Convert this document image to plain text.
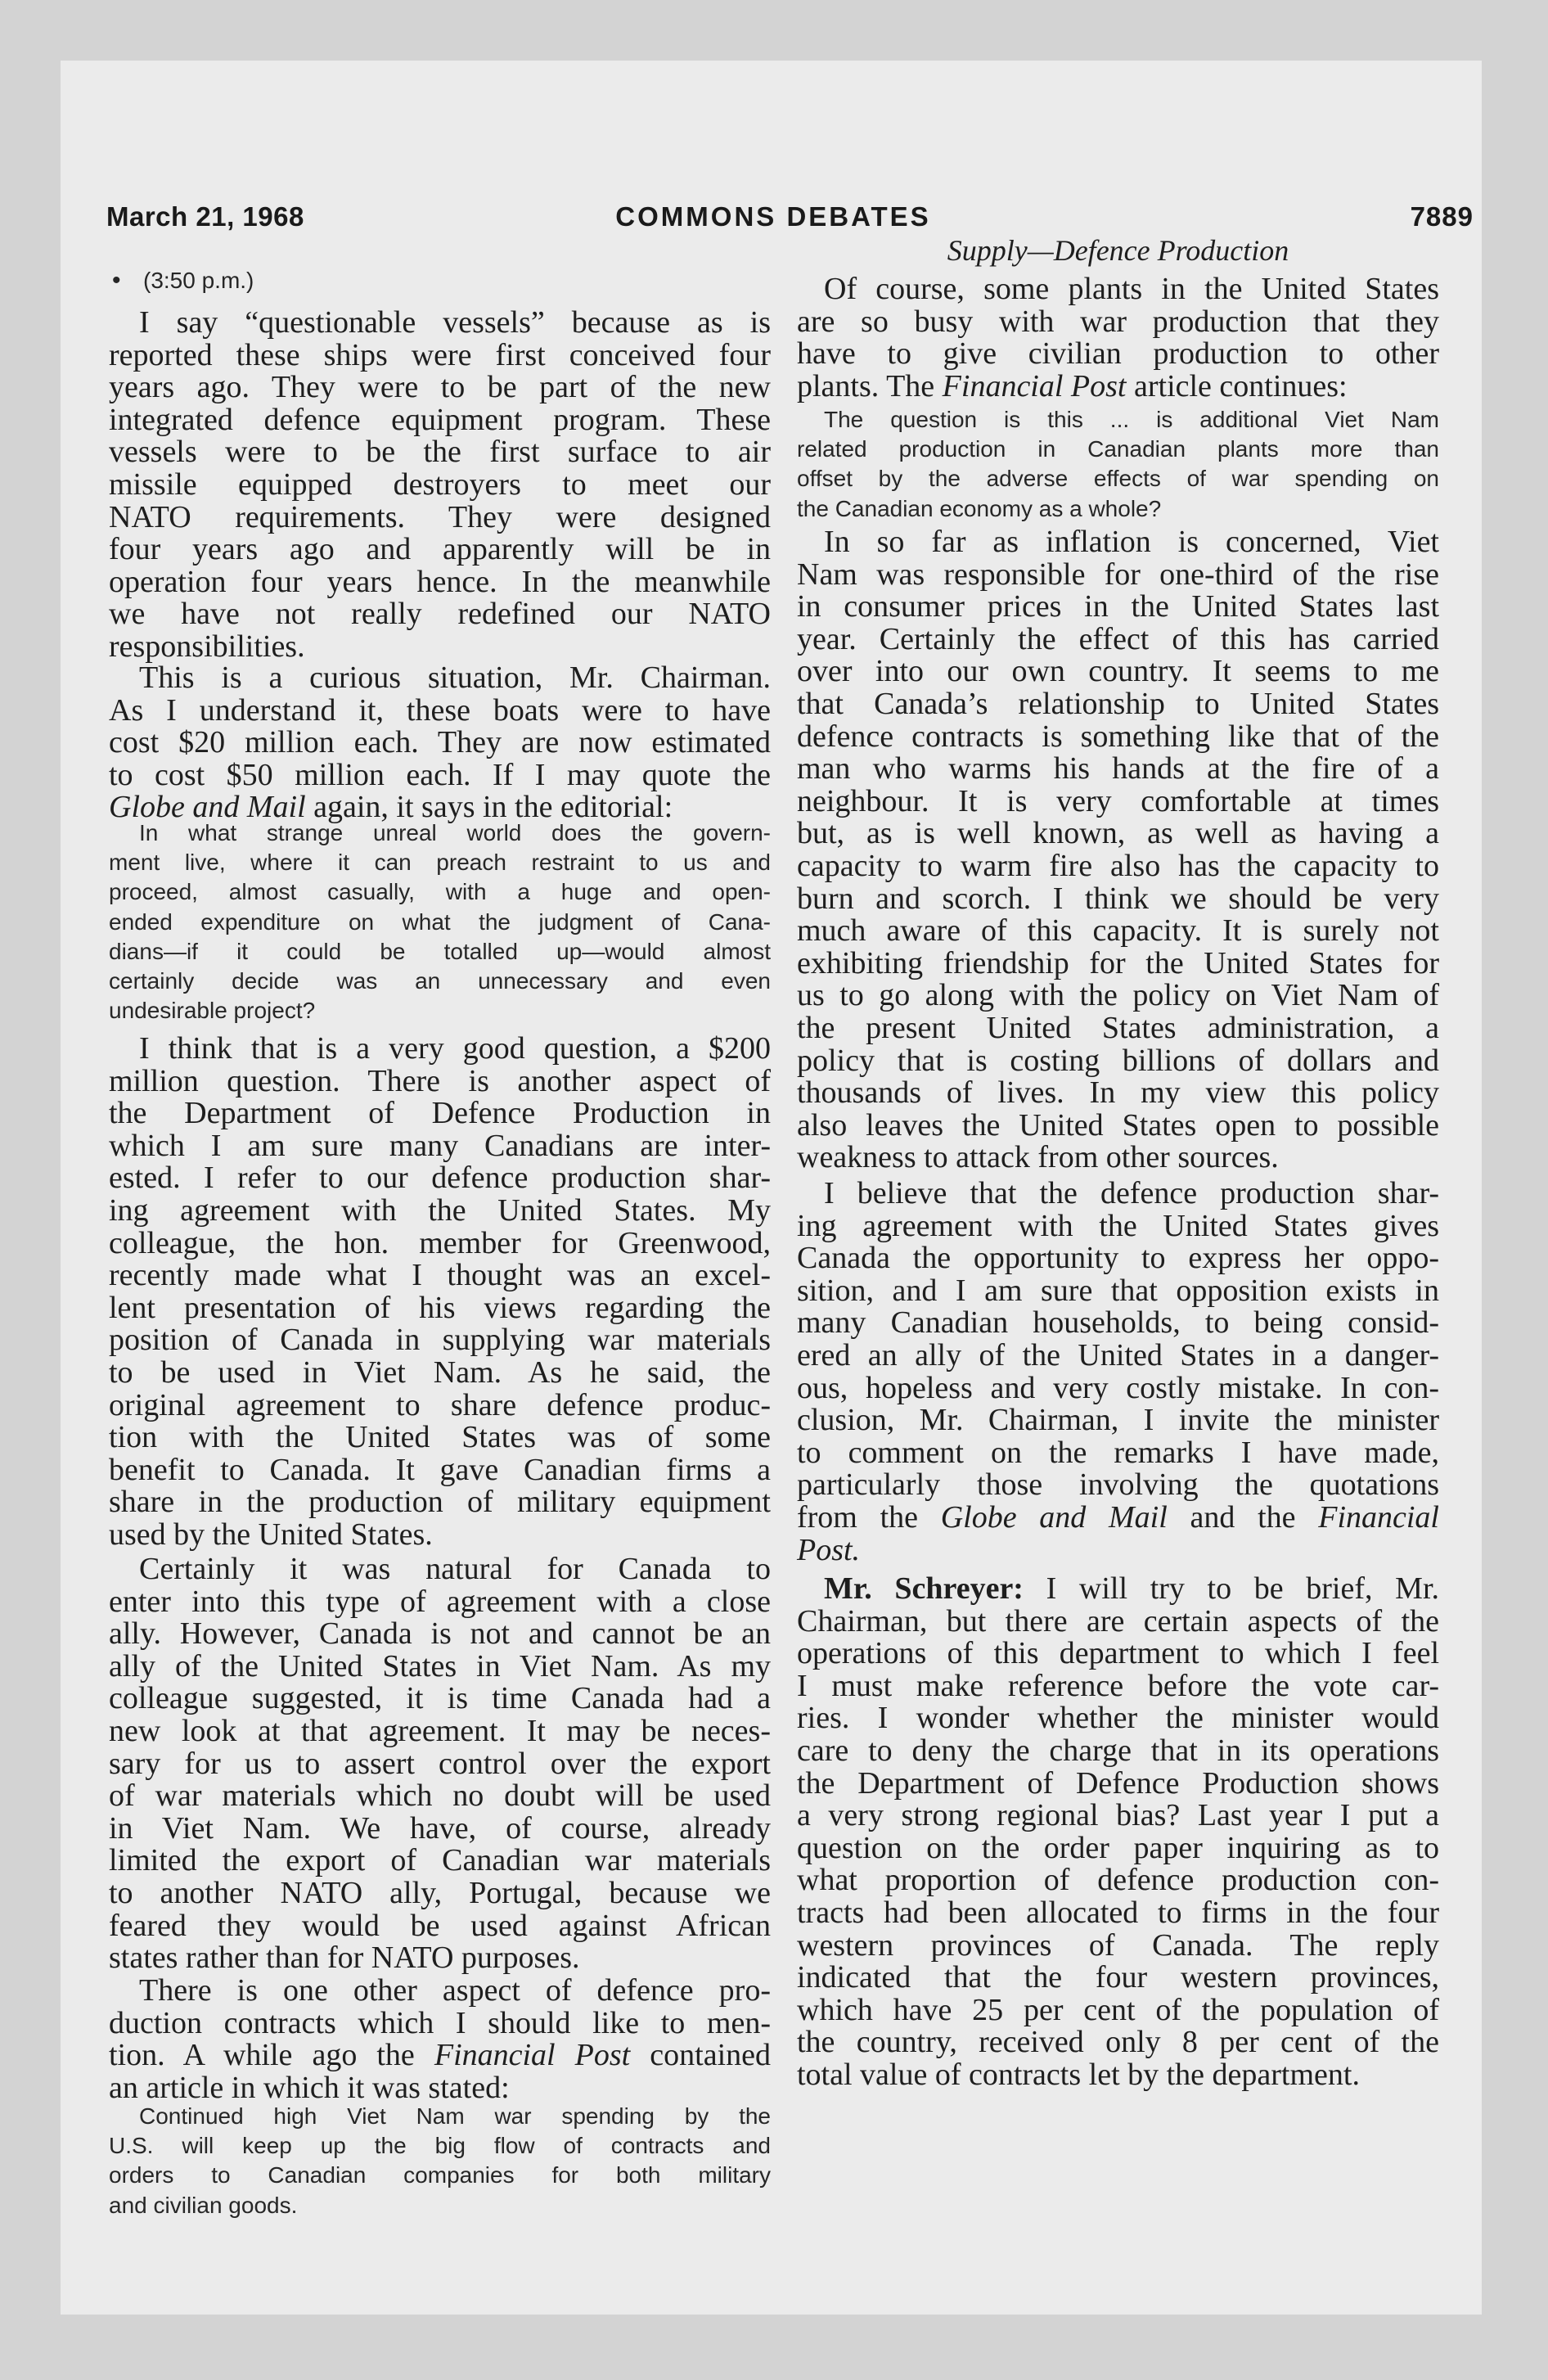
March 21, 1968	COMMONS DEBATES	7889
Supply—Defence Production
• (3:50 p.m.)
I say “questionable vessels” because as is
reported these ships were first conceived four
years ago. They were to be part of the new
integrated defence equipment program. These
vessels were to be the first surface to air
missile equipped destroyers to meet our
NATO requirements. They were designed
four years ago and apparently will be in
operation four years hence. In the meanwhile
we have not really redefined our NATO
responsibilities.
This is a curious situation, Mr. Chairman.
As I understand it, these boats were to have
cost $20 million each. They are now estimated
to cost $50 million each. If I may quote the
Globe and Mail again, it says in the editorial:
In what strange unreal world does the govern-
ment live, where it can preach restraint to us and
proceed, almost casually, with a huge and open-
ended expenditure on what the judgment of Cana-
dians—if it could be totalled up—would almost
certainly decide was an unnecessary and even
undesirable project?
I think that is a very good question, a $200
million question. There is another aspect of
the Department of Defence Production in
which I am sure many Canadians are inter-
ested. I refer to our defence production shar-
ing agreement with the United States. My
colleague, the hon. member for Greenwood,
recently made what I thought was an excel-
lent presentation of his views regarding the
position of Canada in supplying war materials
to be used in Viet Nam. As he said, the
original agreement to share defence produc-
tion with the United States was of some
benefit to Canada. It gave Canadian firms a
share in the production of military equipment
used by the United States.
Certainly it was natural for Canada to
enter into this type of agreement with a close
ally. However, Canada is not and cannot be an
ally of the United States in Viet Nam. As my
colleague suggested, it is time Canada had a
new look at that agreement. It may be neces-
sary for us to assert control over the export
of war materials which no doubt will be used
in Viet Nam. We have, of course, already
limited the export of Canadian war materials
to another NATO ally, Portugal, because we
feared they would be used against African
states rather than for NATO purposes.
There is one other aspect of defence pro-
duction contracts which I should like to men-
tion. A while ago the Financial Post contained
an article in which it was stated:
Continued high Viet Nam war spending by the
U.S. will keep up the big flow of contracts and
orders to Canadian companies for both military
and civilian goods.
Of course, some plants in the United States
are so busy with war production that they
have to give civilian production to other
plants. The Financial Post article continues:
The question is this ... is additional Viet Nam
related production in Canadian plants more than
offset by the adverse effects of war spending on
the Canadian economy as a whole?
In so far as inflation is concerned, Viet
Nam was responsible for one-third of the rise
in consumer prices in the United States last
year. Certainly the effect of this has carried
over into our own country. It seems to me
that Canada’s relationship to United States
defence contracts is something like that of the
man who warms his hands at the fire of a
neighbour. It is very comfortable at times
but, as is well known, as well as having a
capacity to warm fire also has the capacity to
burn and scorch. I think we should be very
much aware of this capacity. It is surely not
exhibiting friendship for the United States for
us to go along with the policy on Viet Nam of
the present United States administration, a
policy that is costing billions of dollars and
thousands of lives. In my view this policy
also leaves the United States open to possible
weakness to attack from other sources.
I believe that the defence production shar-
ing agreement with the United States gives
Canada the opportunity to express her oppo-
sition, and I am sure that opposition exists in
many Canadian households, to being consid-
ered an ally of the United States in a danger-
ous, hopeless and very costly mistake. In con-
clusion, Mr. Chairman, I invite the minister
to comment on the remarks I have made,
particularly those involving the quotations
from the Globe and Mail and the Financial
Post.
Mr. Schreyer: I will try to be brief, Mr.
Chairman, but there are certain aspects of the
operations of this department to which I feel
I must make reference before the vote car-
ries. I wonder whether the minister would
care to deny the charge that in its operations
the Department of Defence Production shows
a very strong regional bias? Last year I put a
question on the order paper inquiring as to
what proportion of defence production con-
tracts had been allocated to firms in the four
western provinces of Canada. The reply
indicated that the four western provinces,
which have 25 per cent of the population of
the country, received only 8 per cent of the
total value of contracts let by the department.
